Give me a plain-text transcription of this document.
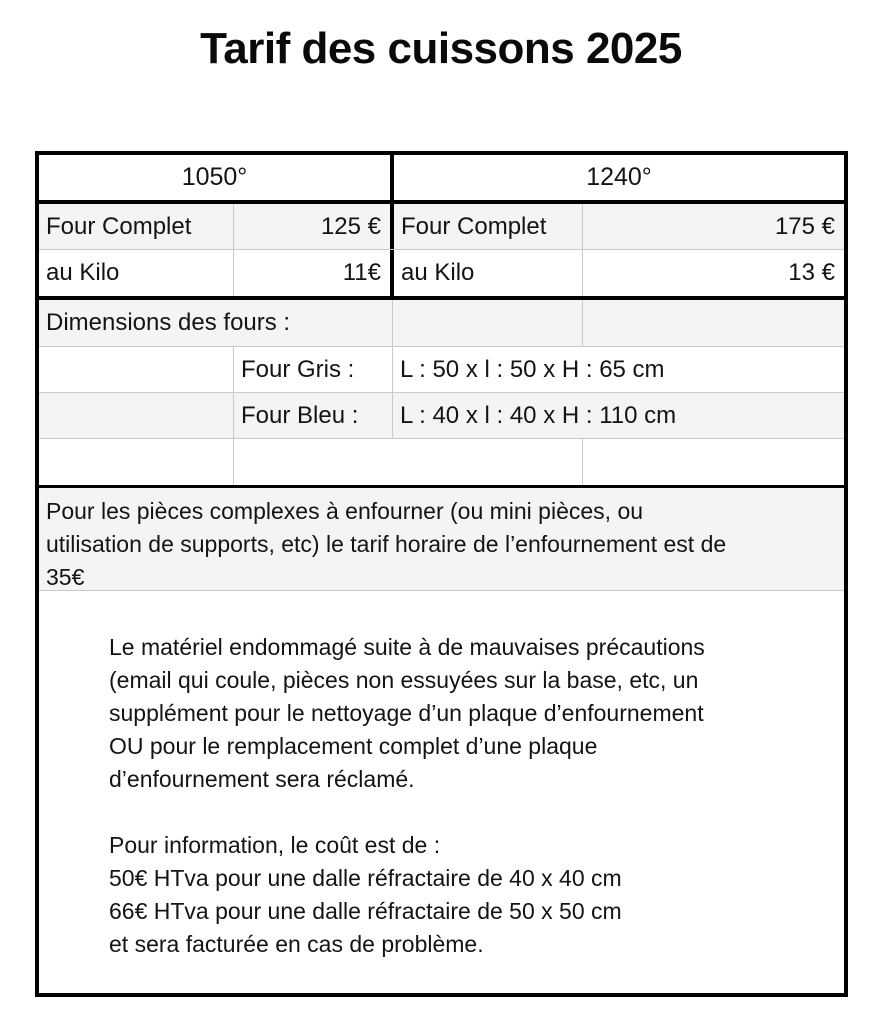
Tarif des cuissons 2025
1050°	1240°
Four Complet	125 € Four Complet	175 €
au Kilo	11€ au Kilo	13 €
Dimensions des fours :
Four Gris :	L : 50 x l : 50 x H : 65 cm
Four Bleu :	L : 40 x l : 40 x H : 110 cm
Pour les pièces complexes à enfourner (ou mini pièces, ou
utilisation de supports, etc) le tarif horaire de l’enfournement est de
35€
Le matériel endommagé suite à de mauvaises précautions
(email qui coule, pièces non essuyées sur la base, etc, un
supplément pour le nettoyage d’un plaque d’enfournement
OU pour le remplacement complet d’une plaque
d’enfournement sera réclamé.
Pour information, le coût est de :
50€ HTva pour une dalle réfractaire de 40 x 40 cm
66€ HTva pour une dalle réfractaire de 50 x 50 cm
et sera facturée en cas de problème.
